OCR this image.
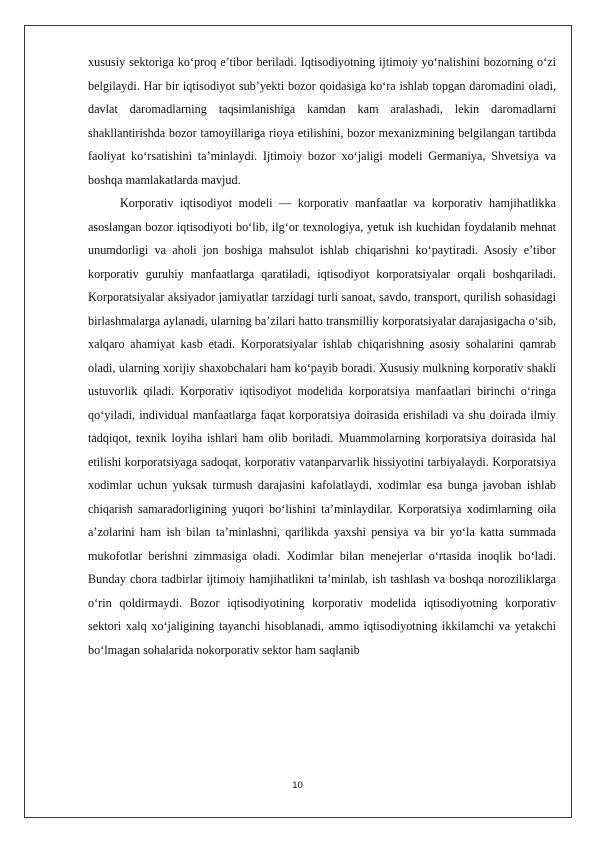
xususiy sektoriga ko‘proq e’tibor beriladi. Iqtisodiyotning ijtimoiy yo‘nalishini bozorning o‘zi belgilaydi. Har bir iqtisodiyot sub’yekti bozor qoidasiga ko‘ra ishlab topgan daromadini oladi, davlat daromadlarning taqsimlanishiga kamdan kam aralashadi, lekin daromadlarni shakllantirishda bozor tamoyillariga rioya etilishini, bozor mexanizmining belgilangan tartibda faoliyat ko‘rsatishini ta’minlaydi. Ijtimoiy bozor xo‘jaligi modeli Germaniya, Shvetsiya va boshqa mamlakatlarda mavjud.

Korporativ iqtisodiyot modeli — korporativ manfaatlar va korporativ hamjihatlikka asoslangan bozor iqtisodiyoti bo‘lib, ilg‘or texnologiya, yetuk ish kuchidan foydalanib mehnat unumdorligi va aholi jon boshiga mahsulot ishlab chiqarishni ko‘paytiradi. Asosiy e’tibor korporativ guruhiy manfaatlarga qaratiladi, iqtisodiyot korporatsiyalar orqali boshqariladi. Korporatsiyalar aksiyador jamiyatlar tarzidagi turli sanoat, savdo, transport, qurilish sohasidagi birlashmalarga aylanadi, ularning ba’zilari hatto transmilliy korporatsiyalar darajasigacha o‘sib, xalqaro ahamiyat kasb etadi. Korporatsiyalar ishlab chiqarishning asosiy sohalarini qamrab oladi, ularning xorijiy shaxobchalari ham ko‘payib boradi. Xususiy mulkning korporativ shakli ustuvorlik qiladi. Korporativ iqtisodiyot modelida korporatsiya manfaatlari birinchi o‘ringa qo‘yiladi, individual manfaatlarga faqat korporatsiya doirasida erishiladi va shu doirada ilmiy tadqiqot, texnik loyiha ishlari ham olib boriladi. Muammolarning korporatsiya doirasida hal etilishi korporatsiyaga sadoqat, korporativ vatanparvarlik hissiyotini tarbiyalaydi. Korporatsiya xodimlar uchun yuksak turmush darajasini kafolatlaydi, xodimlar esa bunga javoban ishlab chiqarish samaradorligining yuqori bo‘lishini ta’minlaydilar. Korporatsiya xodimlarning oila a’zolarini ham ish bilan ta’minlashni, qarilikda yaxshi pensiya va bir yo‘la katta summada mukofotlar berishni zimmasiga oladi. Xodimlar bilan menejerlar o‘rtasida inoqlik bo‘ladi. Bunday chora tadbirlar ijtimoiy hamjihatlikni ta’minlab, ish tashlash va boshqa noroziliklarga o‘rin qoldirmaydi. Bozor iqtisodiyotining korporativ modelida iqtisodiyotning korporativ sektori xalq xo‘jaligining tayanchi hisoblanadi, ammo iqtisodiyotning ikkilamchi va yetakchi bo‘lmagan sohalarida nokorporativ sektor ham saqlanib

10
